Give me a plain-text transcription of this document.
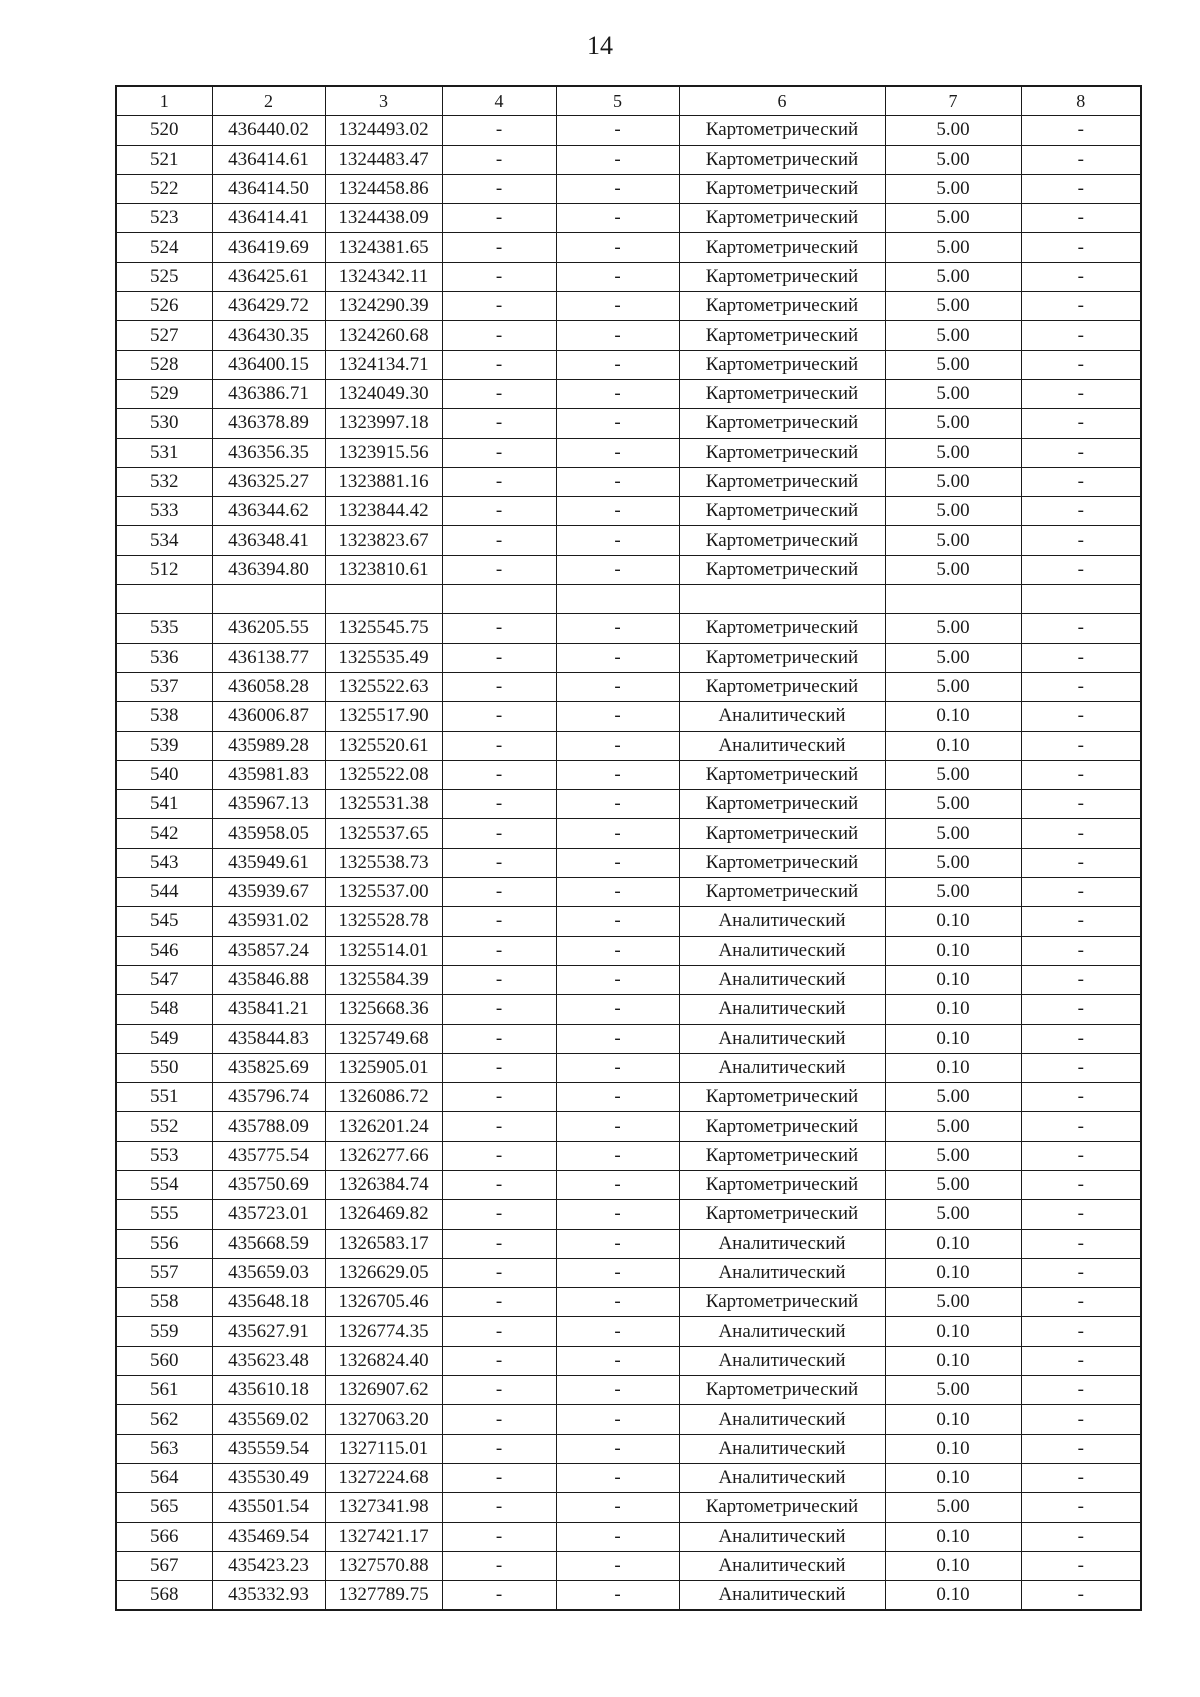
14
1	2	3	4	5	6	7	8
520	436440.02	1324493.02	-	-	Картометрический	5.00	-
521	436414.61	1324483.47	-	-	Картометрический	5.00	-
522	436414.50	1324458.86	-	-	Картометрический	5.00	-
523	436414.41	1324438.09	-	-	Картометрический	5.00	-
524	436419.69	1324381.65	-	-	Картометрический	5.00	-
525	436425.61	1324342.11	-	-	Картометрический	5.00	-
526	436429.72	1324290.39	-	-	Картометрический	5.00	-
527	436430.35	1324260.68	-	-	Картометрический	5.00	-
528	436400.15	1324134.71	-	-	Картометрический	5.00	-
529	436386.71	1324049.30	-	-	Картометрический	5.00	-
530	436378.89	1323997.18	-	-	Картометрический	5.00	-
531	436356.35	1323915.56	-	-	Картометрический	5.00	-
532	436325.27	1323881.16	-	-	Картометрический	5.00	-
533	436344.62	1323844.42	-	-	Картометрический	5.00	-
534	436348.41	1323823.67	-	-	Картометрический	5.00	-
512	436394.80	1323810.61	-	-	Картометрический	5.00	-

535	436205.55	1325545.75	-	-	Картометрический	5.00	-
536	436138.77	1325535.49	-	-	Картометрический	5.00	-
537	436058.28	1325522.63	-	-	Картометрический	5.00	-
538	436006.87	1325517.90	-	-	Аналитический	0.10	-
539	435989.28	1325520.61	-	-	Аналитический	0.10	-
540	435981.83	1325522.08	-	-	Картометрический	5.00	-
541	435967.13	1325531.38	-	-	Картометрический	5.00	-
542	435958.05	1325537.65	-	-	Картометрический	5.00	-
543	435949.61	1325538.73	-	-	Картометрический	5.00	-
544	435939.67	1325537.00	-	-	Картометрический	5.00	-
545	435931.02	1325528.78	-	-	Аналитический	0.10	-
546	435857.24	1325514.01	-	-	Аналитический	0.10	-
547	435846.88	1325584.39	-	-	Аналитический	0.10	-
548	435841.21	1325668.36	-	-	Аналитический	0.10	-
549	435844.83	1325749.68	-	-	Аналитический	0.10	-
550	435825.69	1325905.01	-	-	Аналитический	0.10	-
551	435796.74	1326086.72	-	-	Картометрический	5.00	-
552	435788.09	1326201.24	-	-	Картометрический	5.00	-
553	435775.54	1326277.66	-	-	Картометрический	5.00	-
554	435750.69	1326384.74	-	-	Картометрический	5.00	-
555	435723.01	1326469.82	-	-	Картометрический	5.00	-
556	435668.59	1326583.17	-	-	Аналитический	0.10	-
557	435659.03	1326629.05	-	-	Аналитический	0.10	-
558	435648.18	1326705.46	-	-	Картометрический	5.00	-
559	435627.91	1326774.35	-	-	Аналитический	0.10	-
560	435623.48	1326824.40	-	-	Аналитический	0.10	-
561	435610.18	1326907.62	-	-	Картометрический	5.00	-
562	435569.02	1327063.20	-	-	Аналитический	0.10	-
563	435559.54	1327115.01	-	-	Аналитический	0.10	-
564	435530.49	1327224.68	-	-	Аналитический	0.10	-
565	435501.54	1327341.98	-	-	Картометрический	5.00	-
566	435469.54	1327421.17	-	-	Аналитический	0.10	-
567	435423.23	1327570.88	-	-	Аналитический	0.10	-
568	435332.93	1327789.75	-	-	Аналитический	0.10	-
